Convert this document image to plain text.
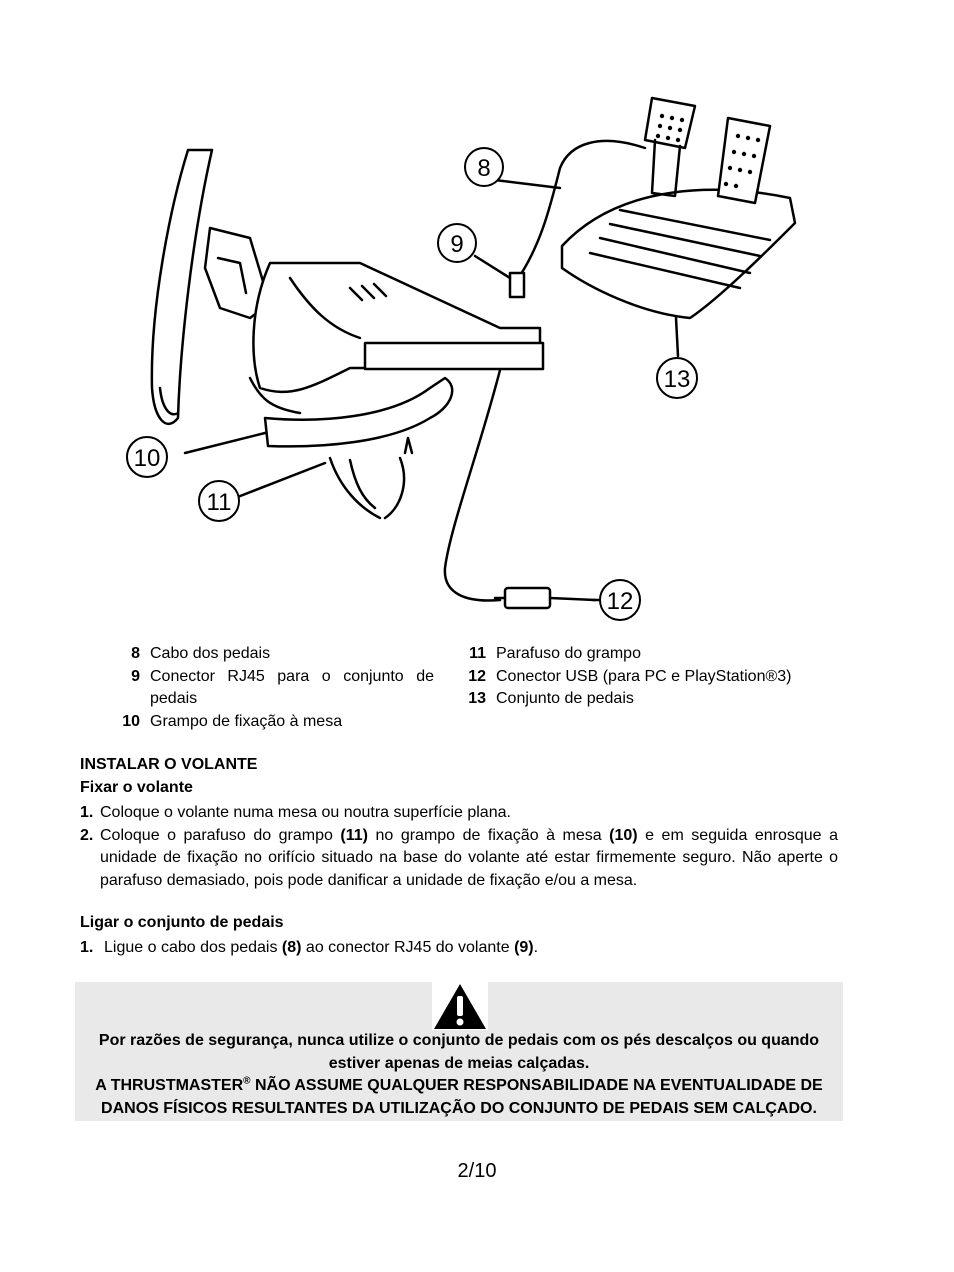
8
9
10
11
12
13
8 Cabo dos pedais
9 Conector RJ45 para o conjunto de pedais
10 Grampo de fixação à mesa
11 Parafuso do grampo
12 Conector USB (para PC e PlayStation®3)
13 Conjunto de pedais
INSTALAR O VOLANTE
Fixar o volante
1. Coloque o volante numa mesa ou noutra superfície plana.
2. Coloque o parafuso do grampo (11) no grampo de fixação à mesa (10) e em seguida enrosque a unidade de fixação no orifício situado na base do volante até estar firmemente seguro. Não aperte o parafuso demasiado, pois pode danificar a unidade de fixação e/ou a mesa.
Ligar o conjunto de pedais
1. Ligue o cabo dos pedais (8) ao conector RJ45 do volante (9).
Por razões de segurança, nunca utilize o conjunto de pedais com os pés descalços ou quando estiver apenas de meias calçadas.
A THRUSTMASTER® NÃO ASSUME QUALQUER RESPONSABILIDADE NA EVENTUALIDADE DE DANOS FÍSICOS RESULTANTES DA UTILIZAÇÃO DO CONJUNTO DE PEDAIS SEM CALÇADO.
2/10
